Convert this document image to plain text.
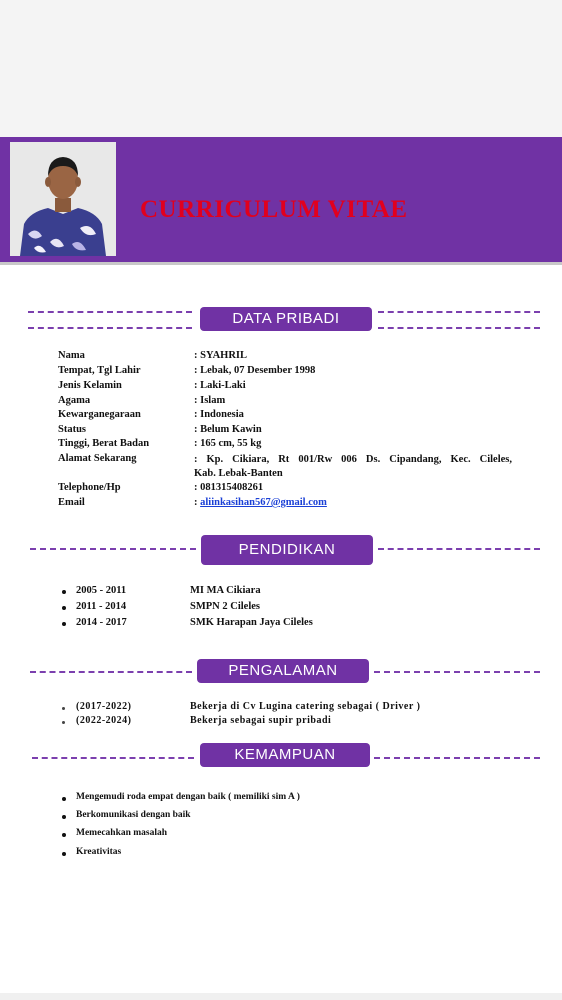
CURRICULUM VITAE
DATA PRIBADI
Nama	: SYAHRIL
Tempat, Tgl Lahir	: Lebak, 07 Desember 1998
Jenis Kelamin	: Laki-Laki
Agama	: Islam
Kewarganegaraan	: Indonesia
Status	: Belum Kawin
Tinggi, Berat Badan	: 165 cm, 55 kg
Alamat Sekarang	: Kp. Cikiara, Rt 001/Rw 006 Ds. Cipandang, Kec. Cileles,
Kab. Lebak-Banten
Telephone/Hp	: 081315408261
Email	: aliinkasihan567@gmail.com
PENDIDIKAN
2005 - 2011	MI MA Cikiara
2011 - 2014	SMPN 2 Cileles
2014 - 2017	SMK Harapan Jaya Cileles
PENGALAMAN
(2017-2022)	Bekerja di Cv Lugina catering sebagai ( Driver )
(2022-2024)	Bekerja sebagai supir pribadi
KEMAMPUAN
Mengemudi roda empat dengan baik ( memiliki sim A )
Berkomunikasi dengan baik
Memecahkan masalah
Kreativitas
